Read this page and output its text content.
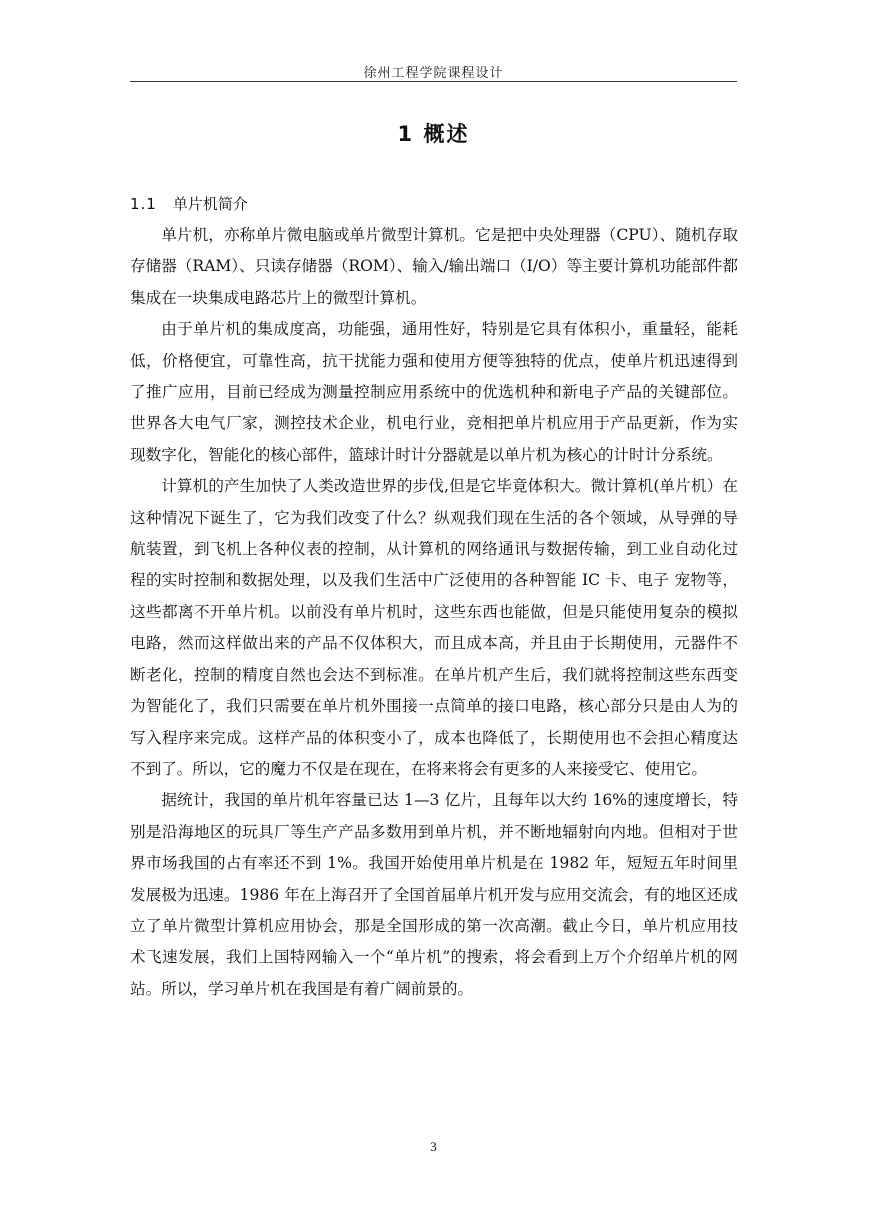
徐州工程学院课程设计
1 概述
1.1 单片机简介

单片机，亦称单片微电脑或单片微型计算机。它是把中央处理器（CPU）、随机存取存储器（RAM）、只读存储器（ROM）、输入/输出端口（I/O）等主要计算机功能部件都集成在一块集成电路芯片上的微型计算机。

由于单片机的集成度高，功能强，通用性好，特别是它具有体积小，重量轻，能耗低，价格便宜，可靠性高，抗干扰能力强和使用方便等独特的优点，使单片机迅速得到了推广应用，目前已经成为测量控制应用系统中的优选机种和新电子产品的关键部位。世界各大电气厂家，测控技术企业，机电行业，竞相把单片机应用于产品更新，作为实现数字化，智能化的核心部件，篮球计时计分器就是以单片机为核心的计时计分系统。

计算机的产生加快了人类改造世界的步伐,但是它毕竟体积大。微计算机(单片机）在这种情况下诞生了，它为我们改变了什么？纵观我们现在生活的各个领域，从导弹的导航装置，到飞机上各种仪表的控制，从计算机的网络通讯与数据传输，到工业自动化过程的实时控制和数据处理，以及我们生活中广泛使用的各种智能 IC 卡、电子 宠物等，这些都离不开单片机。以前没有单片机时，这些东西也能做，但是只能使用复杂的模拟电路，然而这样做出来的产品不仅体积大，而且成本高，并且由于长期使用，元器件不断老化，控制的精度自然也会达不到标准。在单片机产生后，我们就将控制这些东西变为智能化了，我们只需要在单片机外围接一点简单的接口电路，核心部分只是由人为的写入程序来完成。这样产品的体积变小了，成本也降低了，长期使用也不会担心精度达不到了。所以，它的魔力不仅是在现在，在将来将会有更多的人来接受它、使用它。

据统计，我国的单片机年容量已达 1—3 亿片，且每年以大约 16%的速度增长，特别是沿海地区的玩具厂等生产产品多数用到单片机，并不断地辐射向内地。但相对于世界市场我国的占有率还不到 1%。我国开始使用单片机是在 1982 年，短短五年时间里发展极为迅速。1986 年在上海召开了全国首届单片机开发与应用交流会，有的地区还成立了单片微型计算机应用协会，那是全国形成的第一次高潮。截止今日，单片机应用技术飞速发展，我们上国特网输入一个“单片机”的搜索，将会看到上万个介绍单片机的网站。所以，学习单片机在我国是有着广阔前景的。

3
